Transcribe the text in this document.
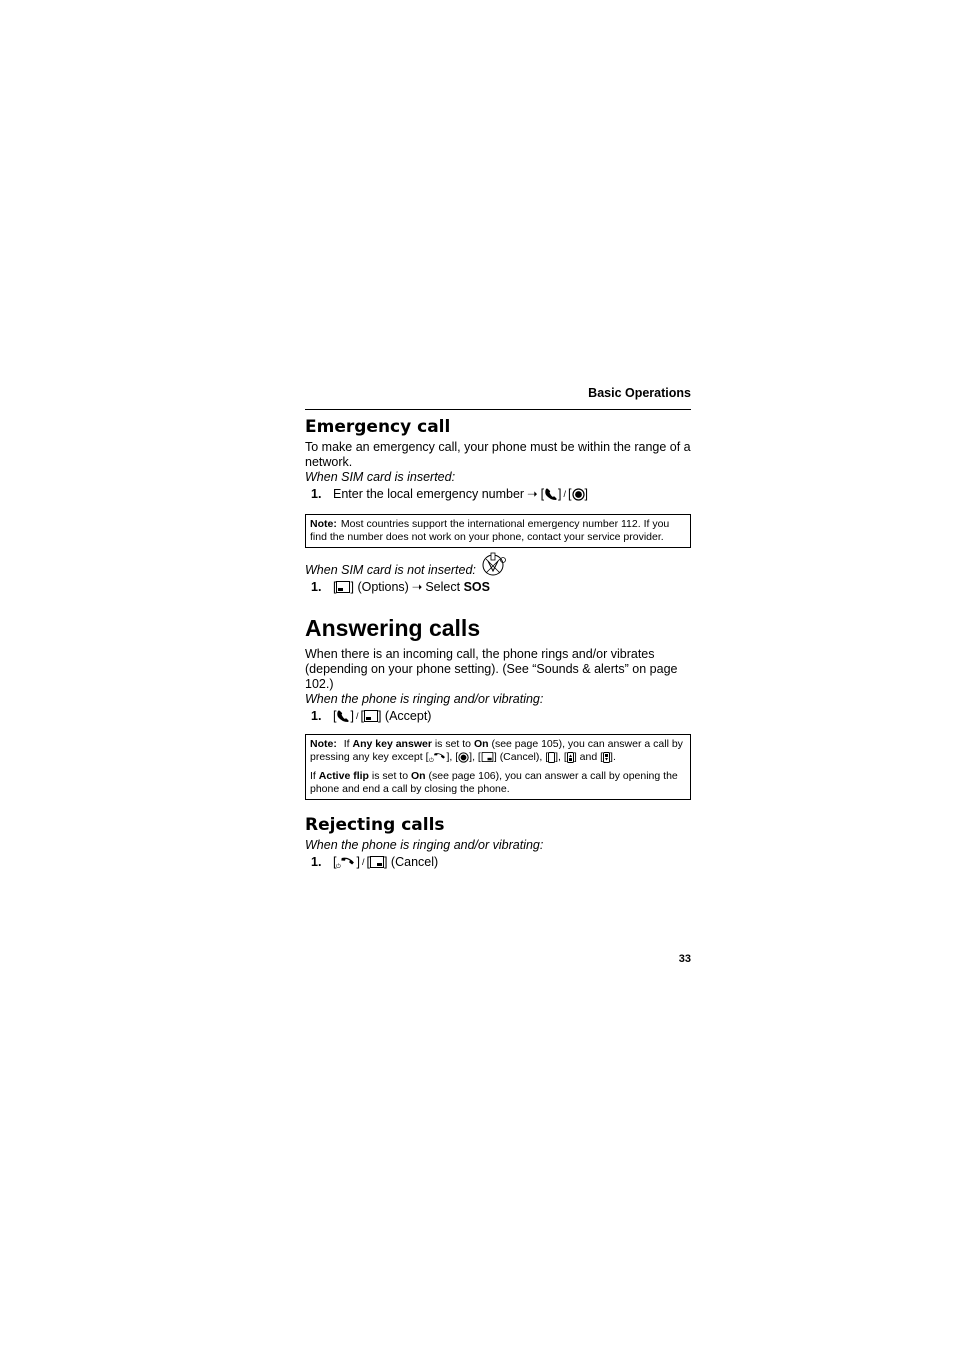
Basic Operations
Emergency call

To make an emergency call, your phone must be within the range of a network.

When SIM card is inserted:

1. Enter the local emergency number ➝ [ ] / [ ]

Note: Most countries support the international emergency number 112. If you find the number does not work on your phone, contact your service provider.

When SIM card is not inserted:
1. [ ] (Options) ➝ Select
SOS
Answering calls

When there is an incoming call, the phone rings and/or vibrates (depending on your phone setting). (See “Sounds & alerts” on page 102.)

When the phone is ringing and/or vibrating:

1. [ ] / [ ] (Accept)

Note: If Any key answer is set to On (see page 105), you can answer a call by pressing any key except [ ⏻ ], [ ], [ ] (Cancel), [ ], [ ] and [ ].

If Active flip is set to On (see page 106), you can answer a call by opening the phone and end a call by closing the phone.

Rejecting calls

When the phone is ringing and/or vibrating:

1. [ ⏻ ] / [ ] (Cancel)
33
